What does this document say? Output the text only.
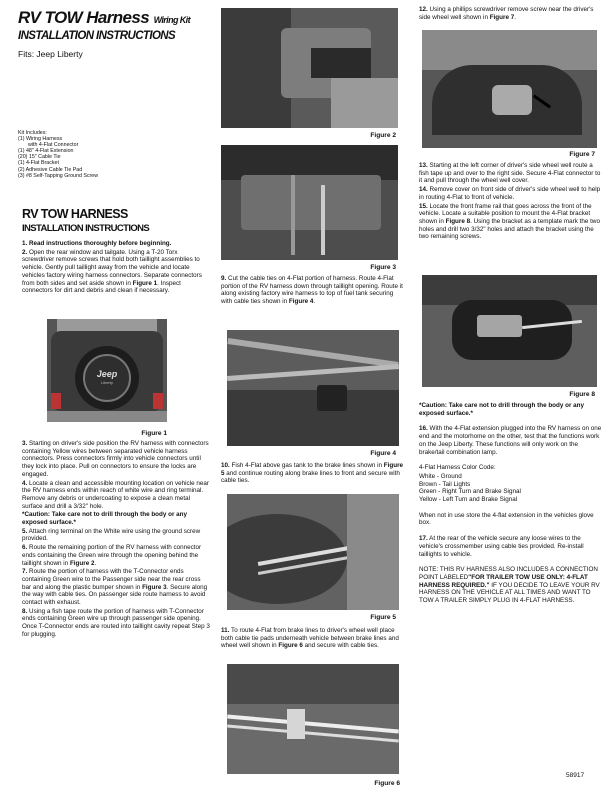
RV TOW Harness Wiring Kit
INSTALLATION INSTRUCTIONS
Fits: Jeep Liberty
Kit Includes:
(1) Wiring Harness
with 4-Flat Connector
(1) 48" 4-Flat Extension
(20) 15" Cable Tie
(1) 4-Flat Bracket
(2) Adhesive Cable Tie Pad
(3) #8 Self-Tapping Ground Screw
RV TOW HARNESS
INSTALLATION INSTRUCTIONS

1. Read instructions thoroughly before beginning.

2. Open the rear window and tailgate. Using a T-20 Torx screwdriver remove screws that hold both taillight assemblies to vehicle. Gently pull taillight away from the vehicle and locate vehicles factory wiring harness connectors. Separate connectors from both sides and set aside shown in Figure 1. Inspect connectors for dirt and debris and clean if necessary.

Jeep
Liberty
Figure 1

3. Starting on driver's side position the RV harness with connectors containing Yellow wires between separated vehicle harness connectors. Press connectors firmly into vehicle connectors until they lock into place. Pull on connectors to ensure the locks are engaged.

4. Locate a clean and accessible mounting location on vehicle near the RV harness ends within reach of white wire and ring terminal. Remove any debris or undercoating to expose a clean metal surface and drill a 3/32" hole.

*Caution: Take care not to drill through the body or any exposed surface.*

5. Attach ring terminal on the White wire using the ground screw provided.

6. Route the remaining portion of the RV harness with connector ends containing the Green wire through the opening behind the taillight shown in Figure 2.

7. Route the portion of harness with the T-Connector ends containing Green wire to the Passenger side near the rear cross bar and along the plastic bumper shown in Figure 3. Secure along the way with cable ties. On passenger side route harness to avoid contact with exhaust.

8. Using a fish tape route the portion of harness with T-Connector ends containing Green wire up through passenger side opening. Once T-Connector ends are routed into taillight cavity repeat Step 3 for plugging.

Figure 2
Figure 3

9. Cut the cable ties on 4-Flat portion of harness. Route 4-Flat portion of the RV harness down through taillight opening. Route it along existing factory wire harness to top of fuel tank securing with cable ties shown in Figure 4.

Figure 4

10. Fish 4-Flat above gas tank to the brake lines shown in Figure 5 and continue routing along brake lines to front and secure with cable ties.

Figure 5

11. To route 4-Flat from brake lines to driver's wheel well place both cable tie pads underneath vehicle between brake lines and wheel well shown in Figure 6 and secure with cable ties.

Figure 6

12. Using a phillips screwdriver remove screw near the driver's side wheel well shown in Figure 7.

Figure 7

13. Starting at the left corner of driver's side wheel well route a fish tape up and over to the right side. Secure 4-Flat connector to it and pull through the wheel well cover.

14. Remove cover on front side of driver's side wheel well to help in routing 4-Flat to front of vehicle.

15. Locate the front frame rail that goes across the front of the vehicle. Locate a suitable position to mount the 4-Flat bracket shown in Figure 8. Using the bracket as a template mark the two holes and drill two 3/32" holes and attach the bracket using the two remaining screws.

Figure 8

*Caution: Take care not to drill through the body or any exposed surface.*

16. With the 4-Flat extension plugged into the RV harness on one end and the motorhome on the other, test that the functions work on the Jeep Liberty. These functions will only work on the brake/tail combination lamp.

4-Flat Harness Color Code:
White - Ground
Brown - Tail Lights
Green - Right Turn and Brake Signal
Yellow - Left Turn and Brake Signal

When not in use store the 4-flat extension in the vehicles glove box.

17. At the rear of the vehicle secure any loose wires to the vehicle's crossmember using cable ties provided. Re-install taillights to vehicle.

NOTE: THIS RV HARNESS ALSO INCLUDES A CONNECTION POINT LABELED"FOR TRAILER TOW USE ONLY: 4-FLAT HARNESS REQUIRED." IF YOU DECIDE TO LEAVE YOUR RV HARNESS ON THE VEHICLE AT ALL TIMES AND WANT TO TOW A TRAILER SIMPLY PLUG IN 4-FLAT HARNESS.

58917
